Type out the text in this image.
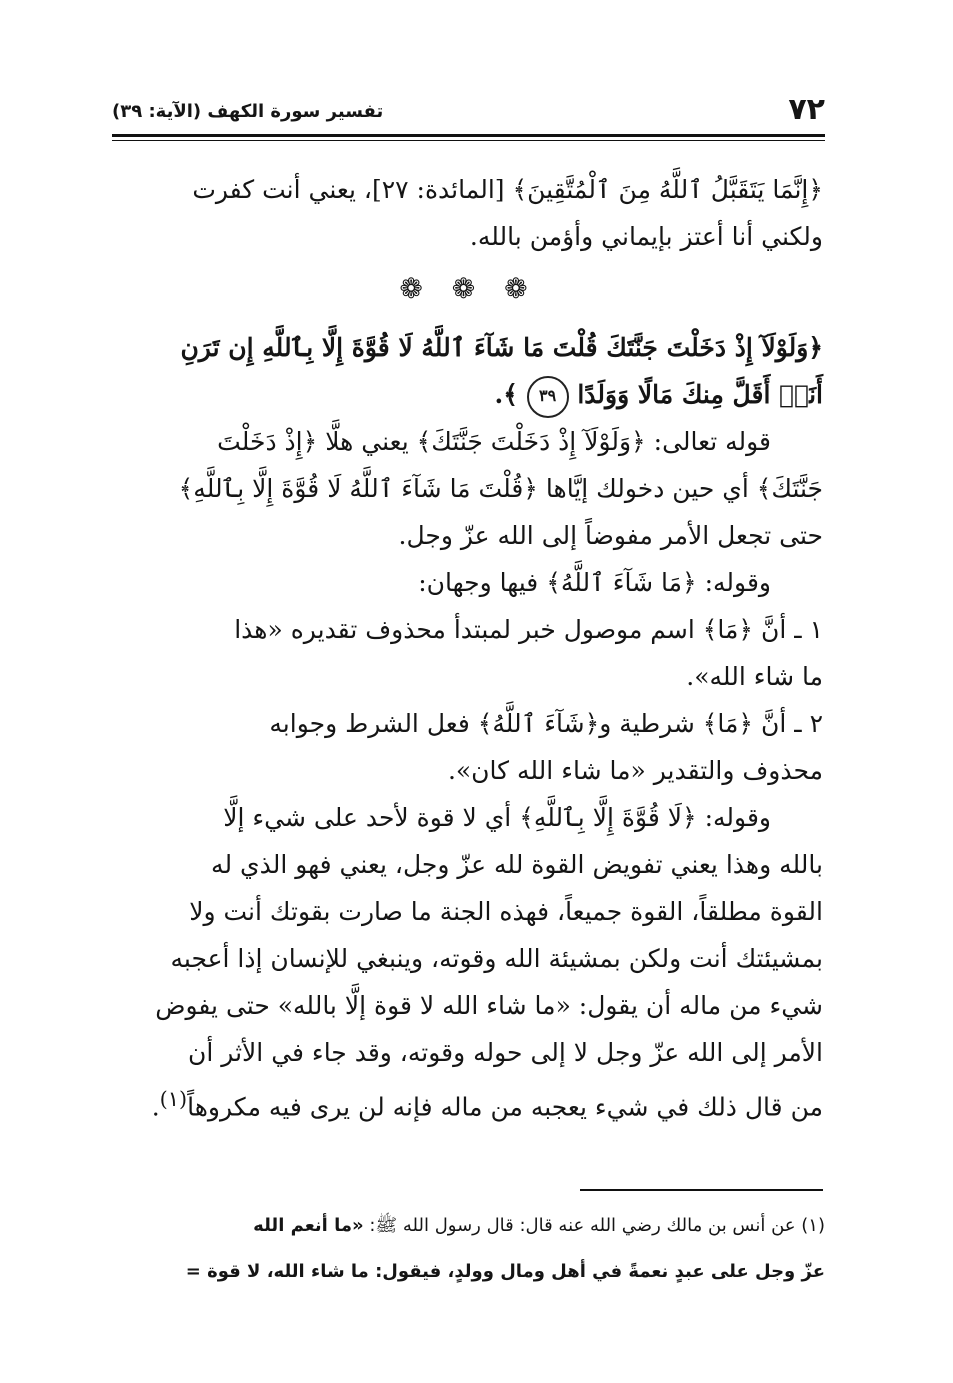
٧٢
تفسير سورة الكهف (الآية: ٣٩)

﴿إِنَّمَا يَتَقَبَّلُ ٱللَّهُ مِنَ ٱلْمُتَّقِينَ﴾ [المائدة: ٢٧]، يعني أنت كفرت

ولكني أنا أعتز بإيماني وأؤمن بالله.

❁ ❁ ❁

﴿وَلَوْلَآ إِذْ دَخَلْتَ جَنَّتَكَ قُلْتَ مَا شَآءَ ٱللَّهُ لَا قُوَّةَ إِلَّا بِٱللَّهِ إِن تَرَنِ

أَنَا۠ أَقَلَّ مِنكَ مَالًا وَوَلَدًا ٣٩ ﴾.

قوله تعالى: ﴿وَلَوْلَآ إِذْ دَخَلْتَ جَنَّتَكَ﴾ يعني هلَّا ﴿إِذْ دَخَلْتَ

جَنَّتَكَ﴾ أي حين دخولك إيَّاها ﴿قُلْتَ مَا شَآءَ ٱللَّهُ لَا قُوَّةَ إِلَّا بِٱللَّهِ﴾

حتى تجعل الأمر مفوضاً إلى الله عزّ وجل.

وقوله: ﴿مَا شَآءَ ٱللَّهُ﴾ فيها وجهان:

١ ـ أنَّ ﴿مَا﴾ اسم موصول خبر لمبتدأ محذوف تقديره «هذا

ما شاء الله».

٢ ـ أنَّ ﴿مَا﴾ شرطية و﴿شَآءَ ٱللَّهُ﴾ فعل الشرط وجوابه

محذوف والتقدير «ما شاء الله كان».

وقوله: ﴿لَا قُوَّةَ إِلَّا بِٱللَّهِ﴾ أي لا قوة لأحد على شيء إلَّا

بالله وهذا يعني تفويض القوة لله عزّ وجل، يعني فهو الذي له

القوة مطلقاً، القوة جميعاً، فهذه الجنة ما صارت بقوتك أنت ولا

بمشيئتك أنت ولكن بمشيئة الله وقوته، وينبغي للإنسان إذا أعجبه

شيء من ماله أن يقول: «ما شاء الله لا قوة إلَّا بالله» حتى يفوض

الأمر إلى الله عزّ وجل لا إلى حوله وقوته، وقد جاء في الأثر أن

من قال ذلك في شيء يعجبه من ماله فإنه لن يرى فيه مكروهاً$^{(١)}$.

(١) عن أنس بن مالك رضي الله عنه قال: قال رسول الله ﷺ: «ما أنعم الله

عزّ وجل على عبدٍ نعمةً في أهل ومال وولدٍ، فيقول: ما شاء الله، لا قوة =
